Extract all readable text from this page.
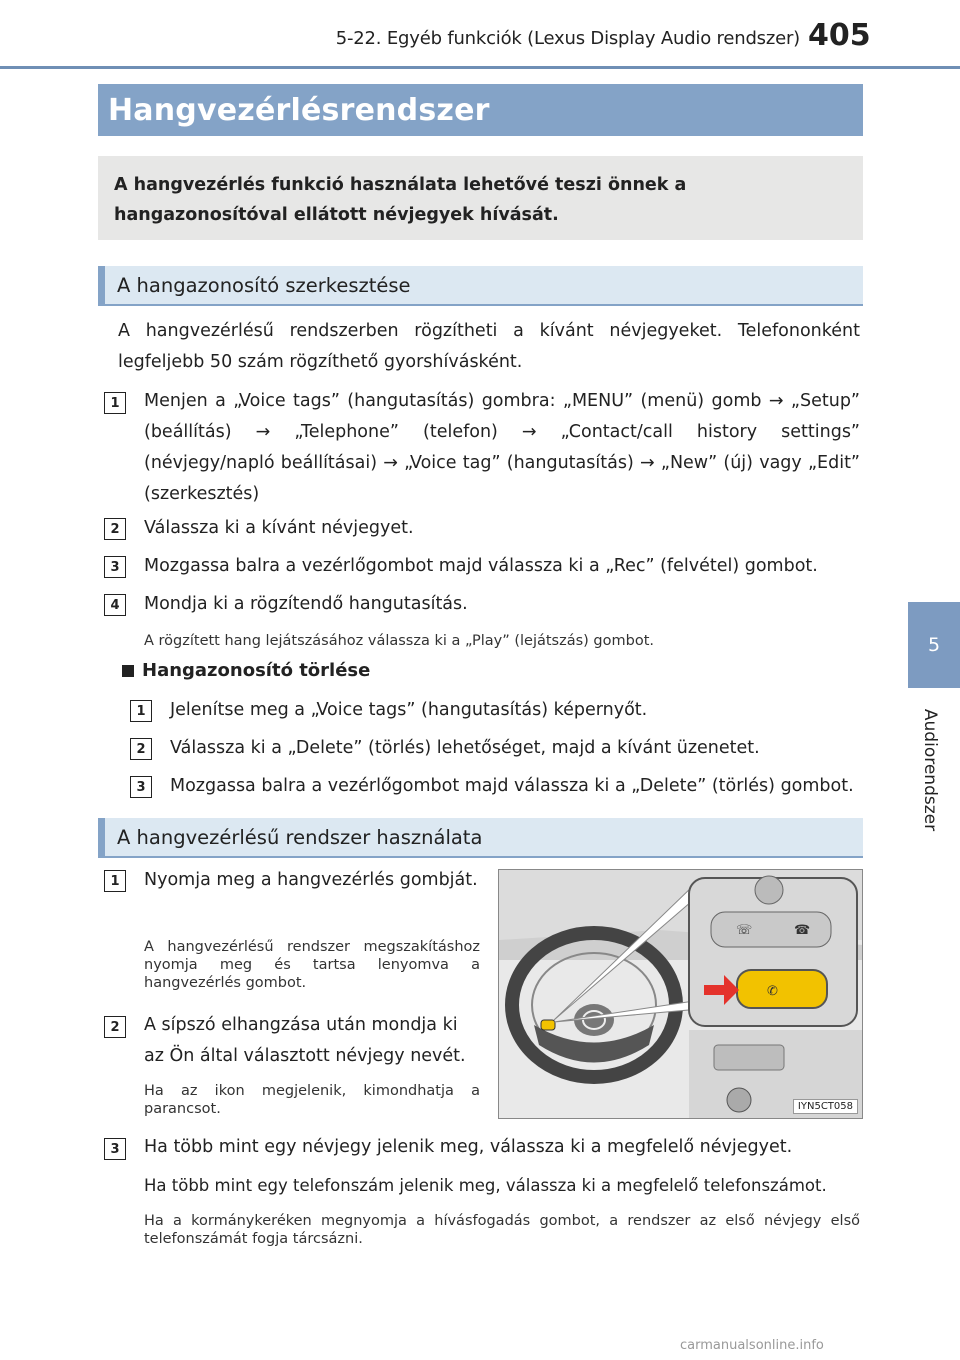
5-22. Egyéb funkciók (Lexus Display Audio rendszer) 405
5
Audiorendszer
Hangvezérlésrendszer

A hangvezérlés funkció használata lehetővé teszi önnek a hangazonosítóval ellátott névjegyek hívását.

A hangazonosító szerkesztése
A hangvezérlésű rendszerben rögzítheti a kívánt névjegyeket. Telefononként legfeljebb 50 szám rögzíthető gyorshívásként.
1	Menjen a „Voice tags” (hangutasítás) gombra: „MENU” (menü) gomb → „Setup” (beállítás) → „Telephone” (telefon) → „Contact/call history settings” (névjegy/napló beállításai) → „Voice tag” (hangutasítás) → „New” (új) vagy „Edit” (szerkesztés)
2	Válassza ki a kívánt névjegyet.
3	Mozgassa balra a vezérlőgombot majd válassza ki a „Rec” (felvétel) gombot.
4	Mondja ki a rögzítendő hangutasítás.
A rögzített hang lejátszásához válassza ki a „Play” (lejátszás) gombot.
Hangazonosító törlése
1	Jelenítse meg a „Voice tags” (hangutasítás) képernyőt.
2	Válassza ki a „Delete” (törlés) lehetőséget, majd a kívánt üzenetet.
3	Mozgassa balra a vezérlőgombot majd válassza ki a „Delete” (törlés) gombot.
A hangvezérlésű rendszer használata
1	Nyomja meg a hangvezérlés gombját.
A hangvezérlésű rendszer megszakításhoz nyomja meg és tartsa lenyomva a hangvezérlés gombot.
2	A sípszó elhangzása után mondja ki az Ön által választott névjegy nevét.
Ha az ikon megjelenik, kimondhatja a parancsot.
☏	☎
✆
IYN5CT058
3	Ha több mint egy névjegy jelenik meg, válassza ki a megfelelő névjegyet.
Ha több mint egy telefonszám jelenik meg, válassza ki a megfelelő telefonszámot.
Ha a kormánykeréken megnyomja a hívásfogadás gombot, a rendszer az első névjegy első telefonszámát fogja tárcsázni.
carmanualsonline.info
